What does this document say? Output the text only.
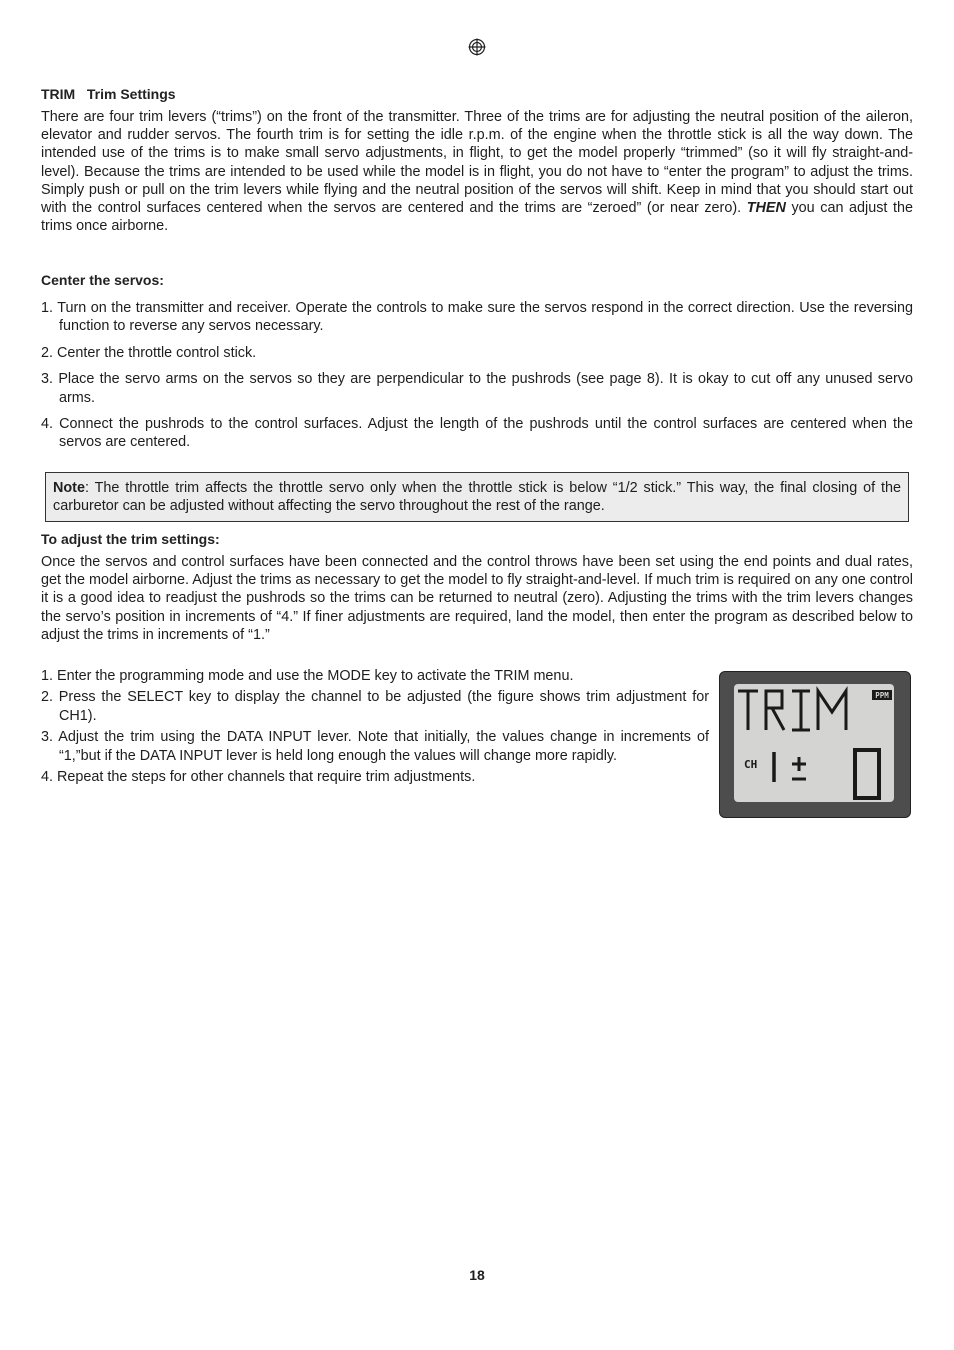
TRIM Trim Settings

There are four trim levers (“trims”) on the front of the transmitter. Three of the trims are for adjusting the neutral position of the aileron, elevator and rudder servos. The fourth trim is for setting the idle r.p.m. of the engine when the throttle stick is all the way down. The intended use of the trims is to make small servo adjustments, in flight, to get the model properly “trimmed” (so it will fly straight-and-level). Because the trims are intended to be used while the model is in flight, you do not have to “enter the program” to adjust the trims. Simply push or pull on the trim levers while flying and the neutral position of the servos will shift. Keep in mind that you should start out with the control surfaces centered when the servos are centered and the trims are “zeroed” (or near zero). THEN you can adjust the trims once airborne.

Center the servos:
1. Turn on the transmitter and receiver. Operate the controls to make sure the servos respond in the correct direction. Use the reversing function to reverse any servos necessary.
2. Center the throttle control stick.
3. Place the servo arms on the servos so they are perpendicular to the pushrods (see page 8). It is okay to cut off any unused servo arms.
4. Connect the pushrods to the control surfaces. Adjust the length of the pushrods until the control surfaces are centered when the servos are centered.
Note: The throttle trim affects the throttle servo only when the throttle stick is below “1/2 stick.” This way, the final closing of the carburetor can be adjusted without affecting the servo throughout the rest of the range.
To adjust the trim settings:

Once the servos and control surfaces have been connected and the control throws have been set using the end points and dual rates, get the model airborne. Adjust the trims as necessary to get the model to fly straight-and-level. If much trim is required on any one control it is a good idea to readjust the pushrods so the trims can be returned to neutral (zero). Adjusting the trims with the trim levers changes the servo’s position in increments of “4.” If finer adjustments are required, land the model, then enter the program as described below to adjust the trims in increments of “1.”

1. Enter the programming mode and use the MODE key to activate the TRIM menu.
2. Press the SELECT key to display the channel to be adjusted (the figure shows trim adjustment for CH1).
3. Adjust the trim using the DATA INPUT lever. Note that initially, the values change in increments of “1,”but if the DATA INPUT lever is held long enough the values will change more rapidly.
4. Repeat the steps for other channels that require trim adjustments.
PPM
CH
18
